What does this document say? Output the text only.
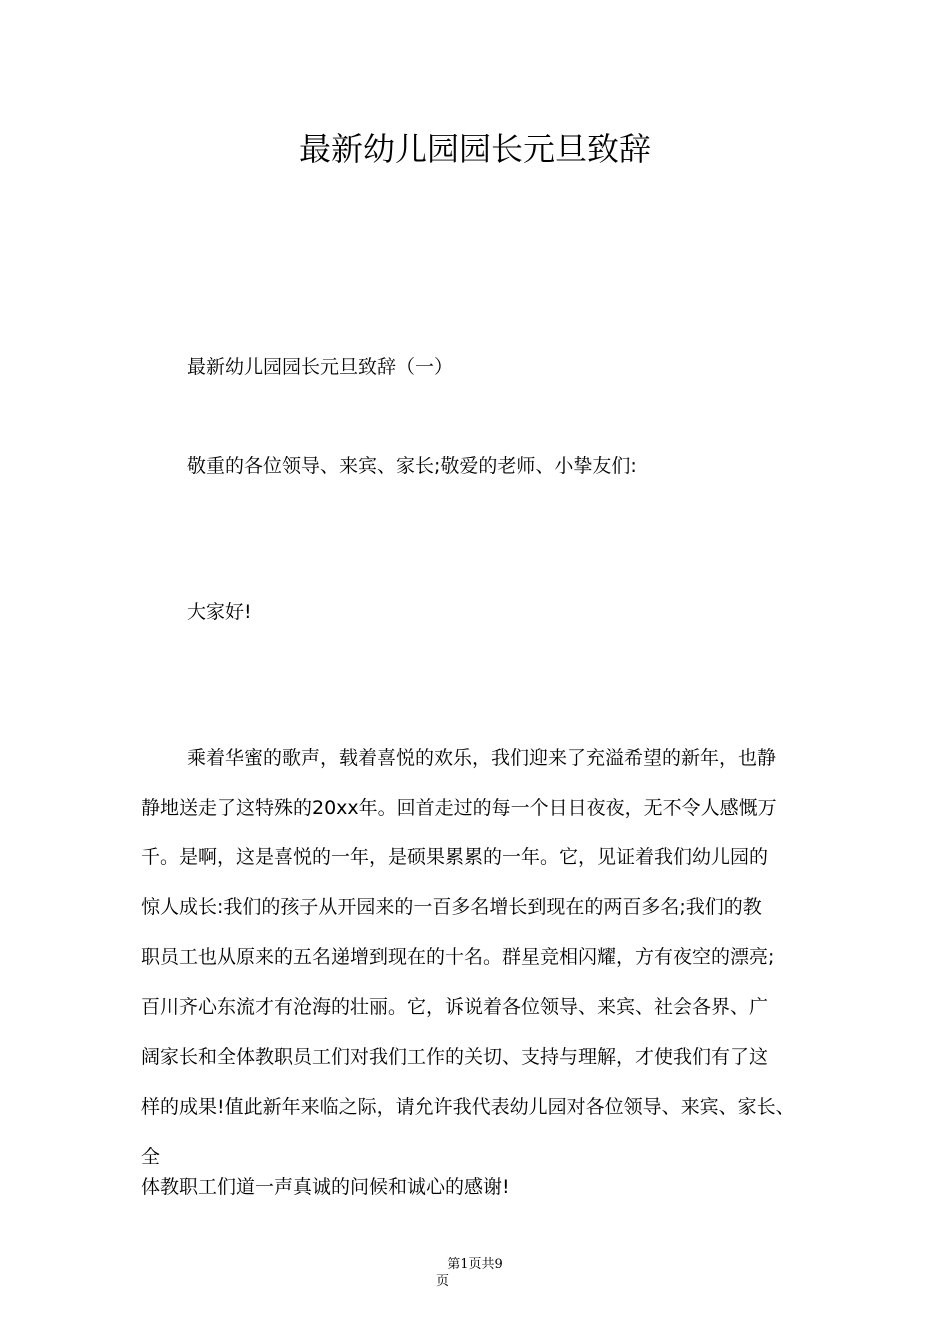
最新幼儿园园长元旦致辞
最新幼儿园园长元旦致辞（一）
敬重的各位领导、来宾、家长;敬爱的老师、小挚友们:
大家好!
乘着华蜜的歌声，载着喜悦的欢乐，我们迎来了充溢希望的新年，也静
静地送走了这特殊的20xx年。回首走过的每一个日日夜夜，无不令人感慨万
千。是啊，这是喜悦的一年，是硕果累累的一年。它，见证着我们幼儿园的
惊人成长:我们的孩子从开园来的一百多名增长到现在的两百多名;我们的教
职员工也从原来的五名递增到现在的十名。群星竞相闪耀，方有夜空的漂亮;
百川齐心东流才有沧海的壮丽。它，诉说着各位领导、来宾、社会各界、广
阔家长和全体教职员工们对我们工作的关切、支持与理解，才使我们有了这
样的成果!值此新年来临之际，请允许我代表幼儿园对各位领导、来宾、家长、
全
体教职工们道一声真诚的问候和诚心的感谢!
第1页共9
页
